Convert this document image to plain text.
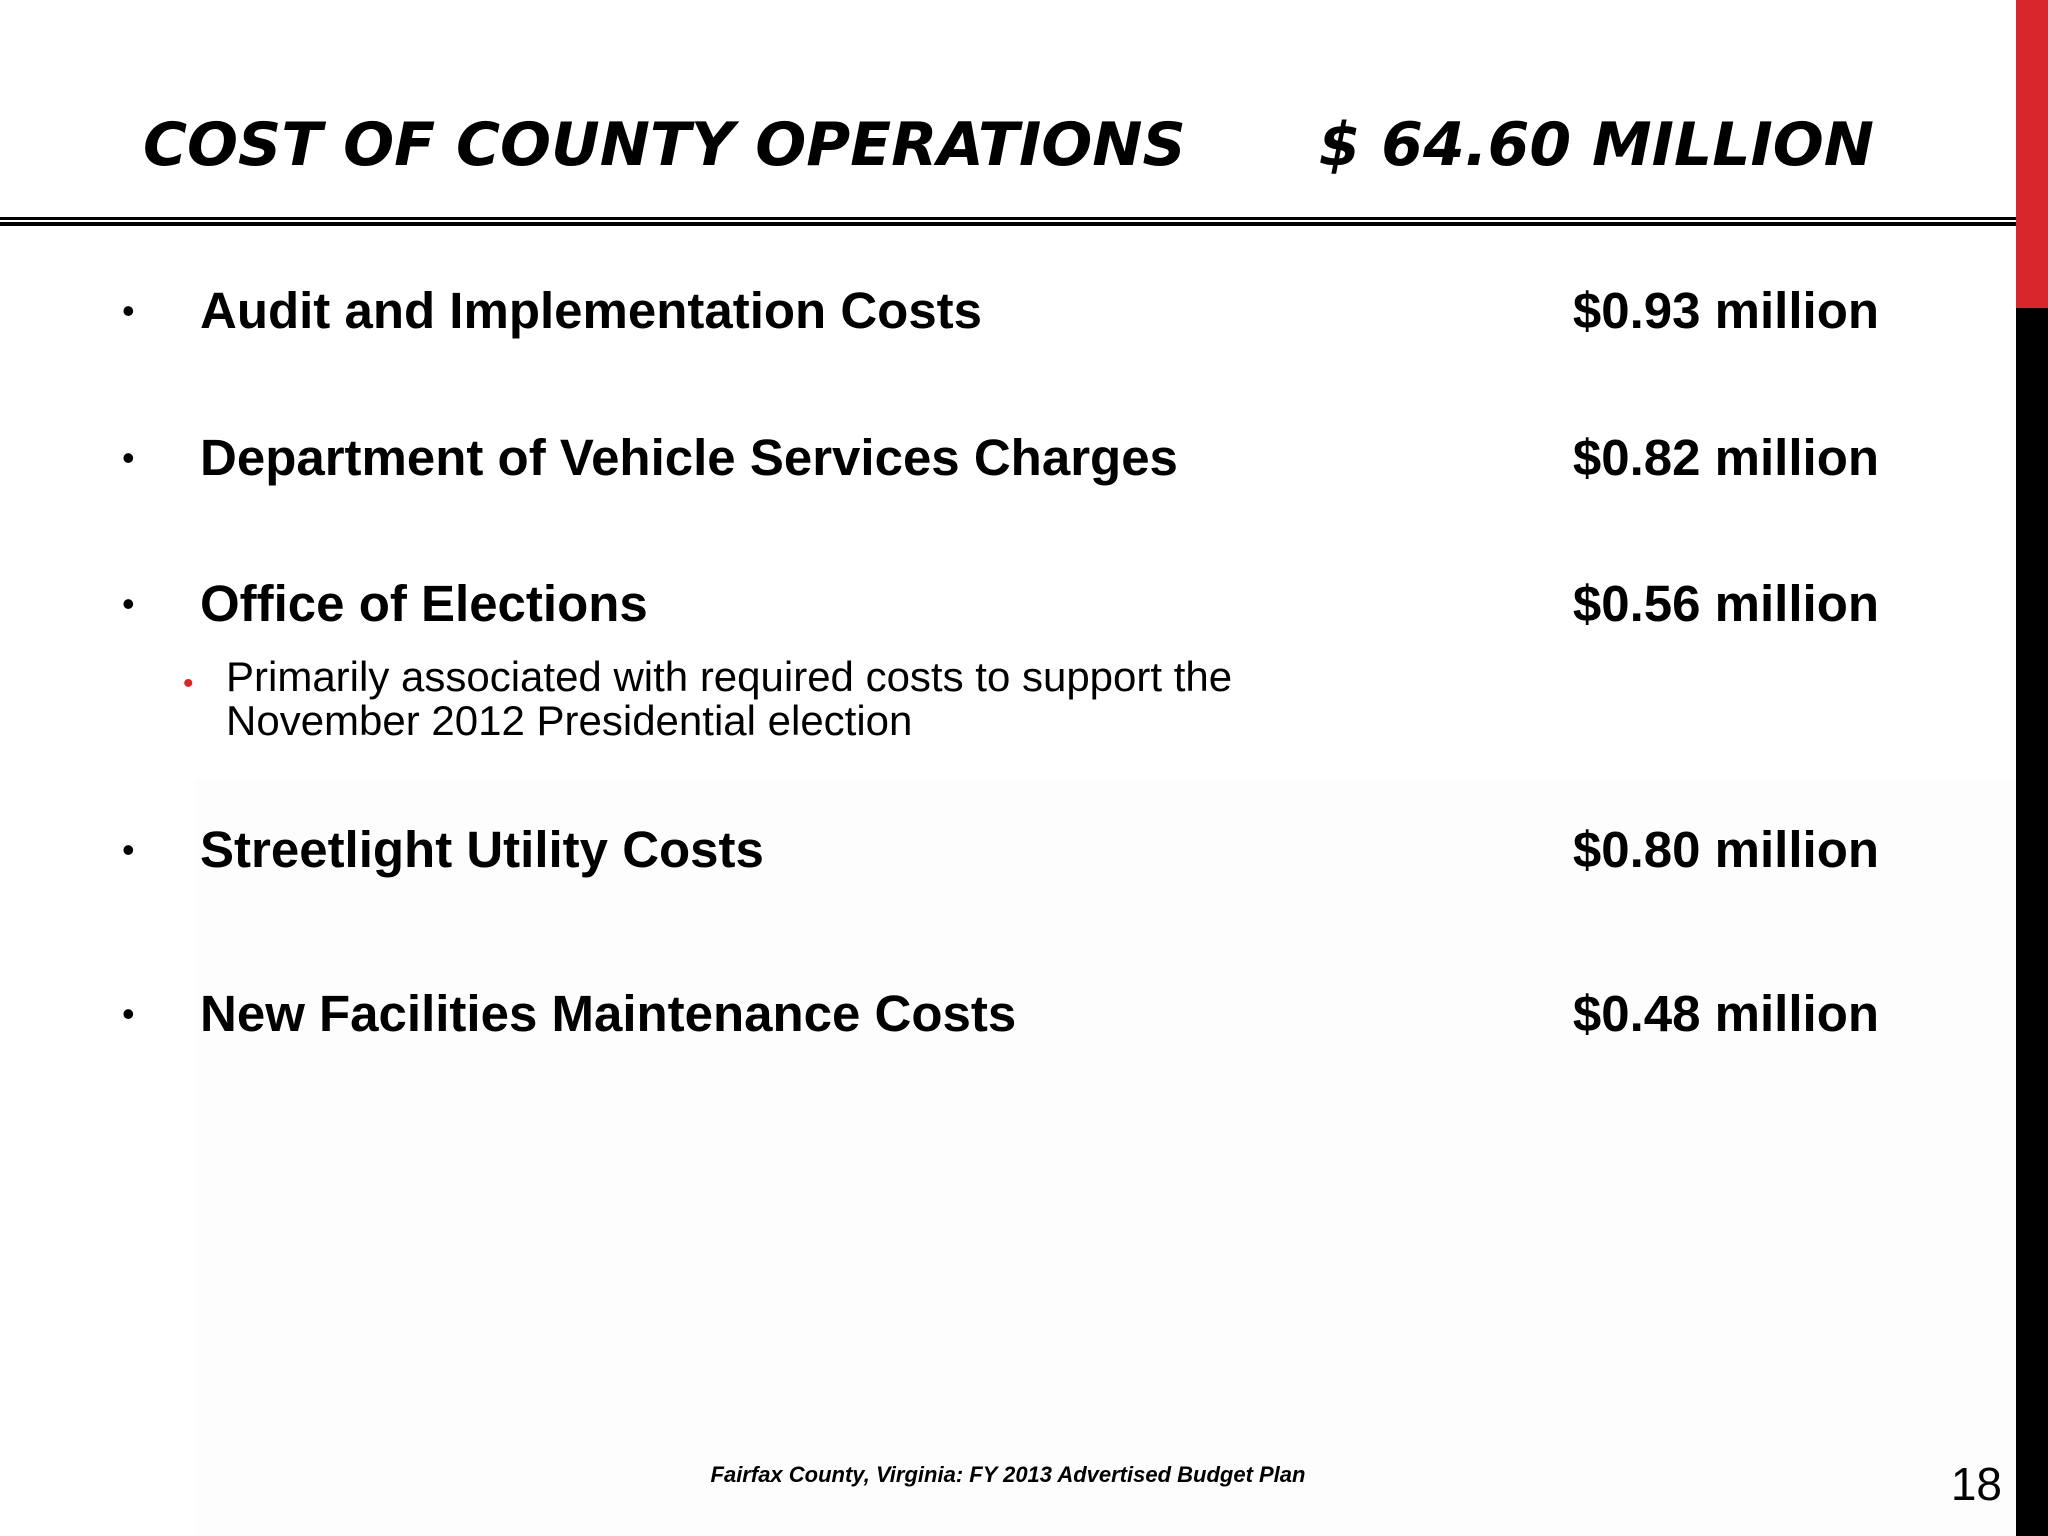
COST OF COUNTY OPERATIONS $ 64.60 MILLION
• Audit and Implementation Costs	$0.93 million
• Department of Vehicle Services Charges	$0.82 million
• Office of Elections	$0.56 million
• Primarily associated with required costs to support the
November 2012 Presidential election
• Streetlight Utility Costs	$0.80 million
• New Facilities Maintenance Costs	$0.48 million
Fairfax County, Virginia: FY 2013 Advertised Budget Plan	18
